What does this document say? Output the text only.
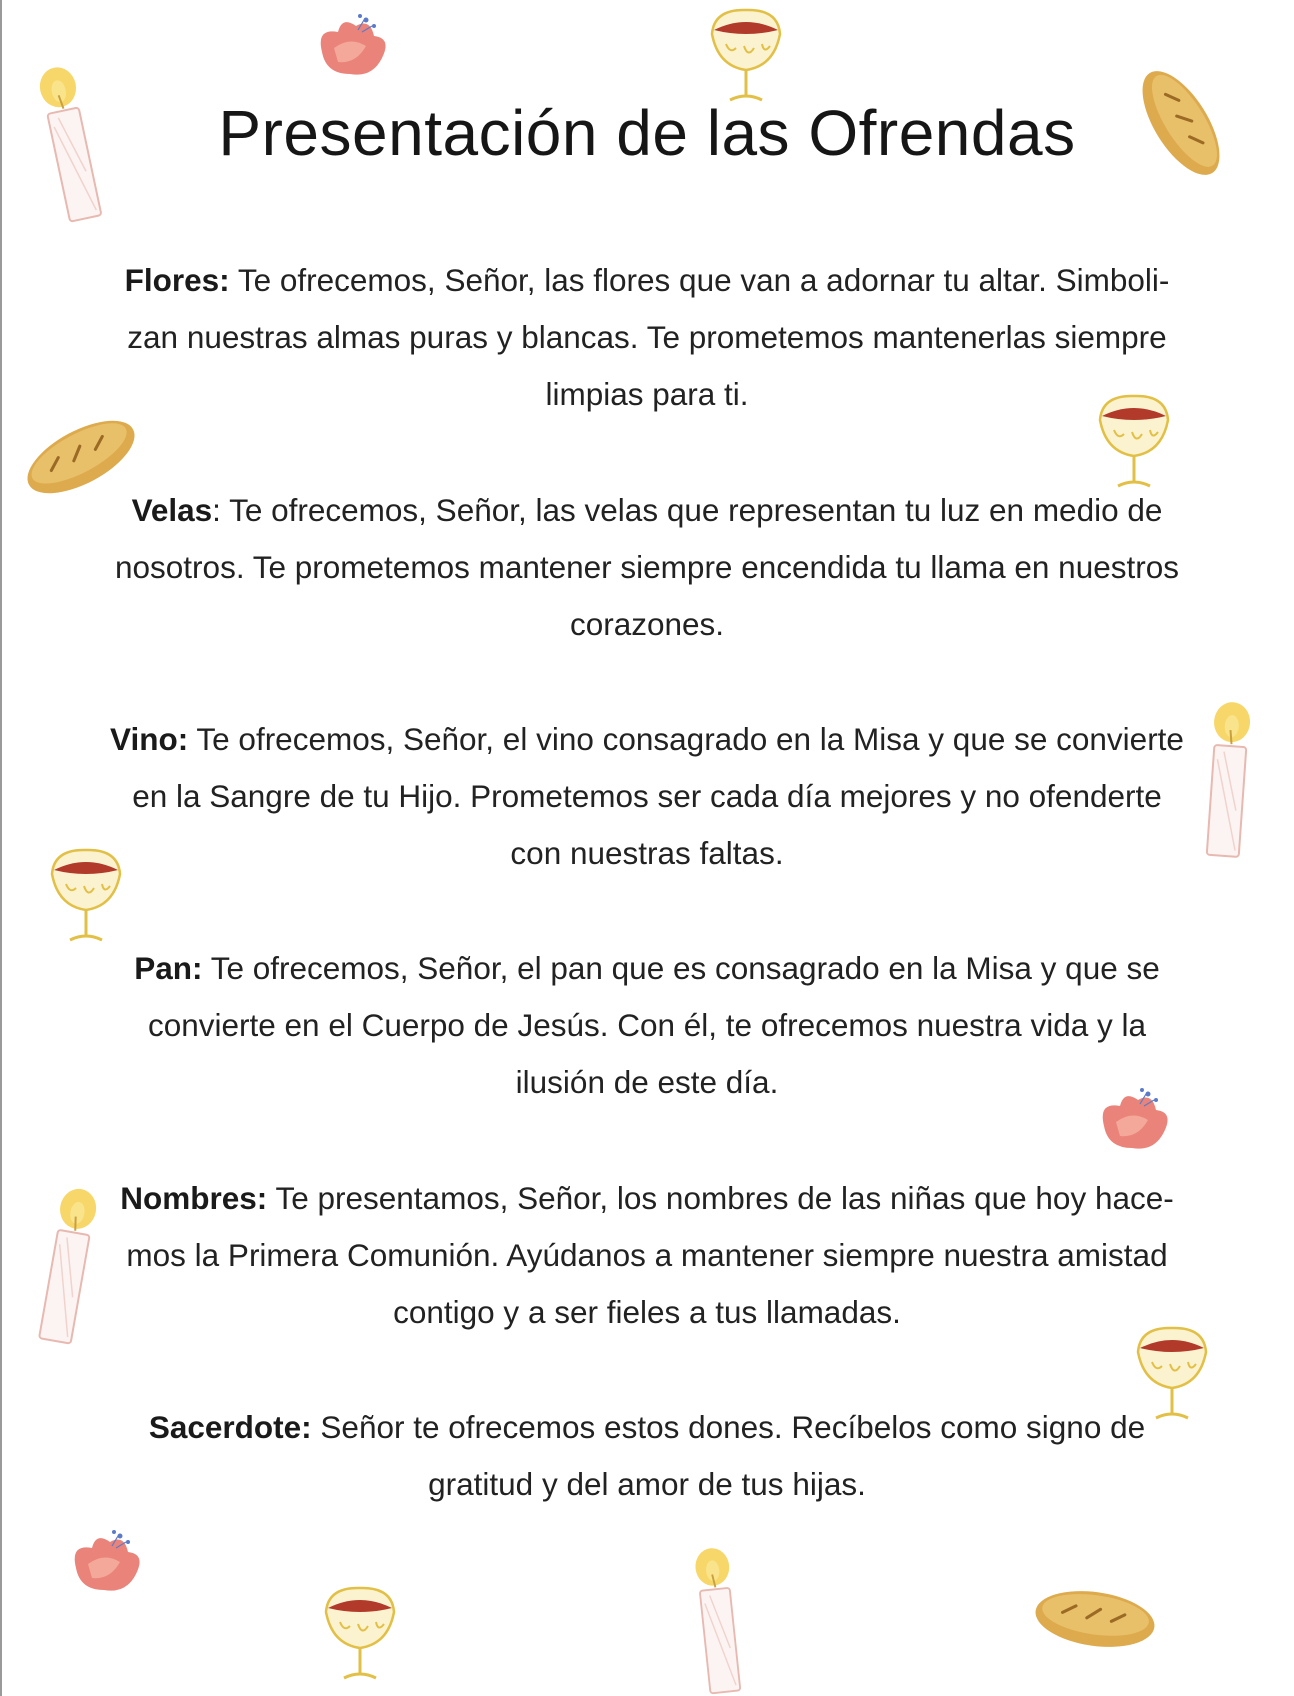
Presentación de las Ofrendas
Flores: Te ofrecemos, Señor, las flores que van a adornar tu altar. Simboli-
zan nuestras almas puras y blancas. Te prometemos mantenerlas siempre
limpias para ti.
Velas: Te ofrecemos, Señor, las velas que representan tu luz en medio de
nosotros. Te prometemos mantener siempre encendida tu llama en nuestros
corazones.
Vino: Te ofrecemos, Señor, el vino consagrado en la Misa y que se convierte
en la Sangre de tu Hijo. Prometemos ser cada día mejores y no ofenderte
con nuestras faltas.
Pan: Te ofrecemos, Señor, el pan que es consagrado en la Misa y que se
convierte en el Cuerpo de Jesús. Con él, te ofrecemos nuestra vida y la
ilusión de este día.
Nombres: Te presentamos, Señor, los nombres de las niñas que hoy hace-
mos la Primera Comunión. Ayúdanos a mantener siempre nuestra amistad
contigo y a ser fieles a tus llamadas.
Sacerdote: Señor te ofrecemos estos dones. Recíbelos como signo de
gratitud y del amor de tus hijas.
